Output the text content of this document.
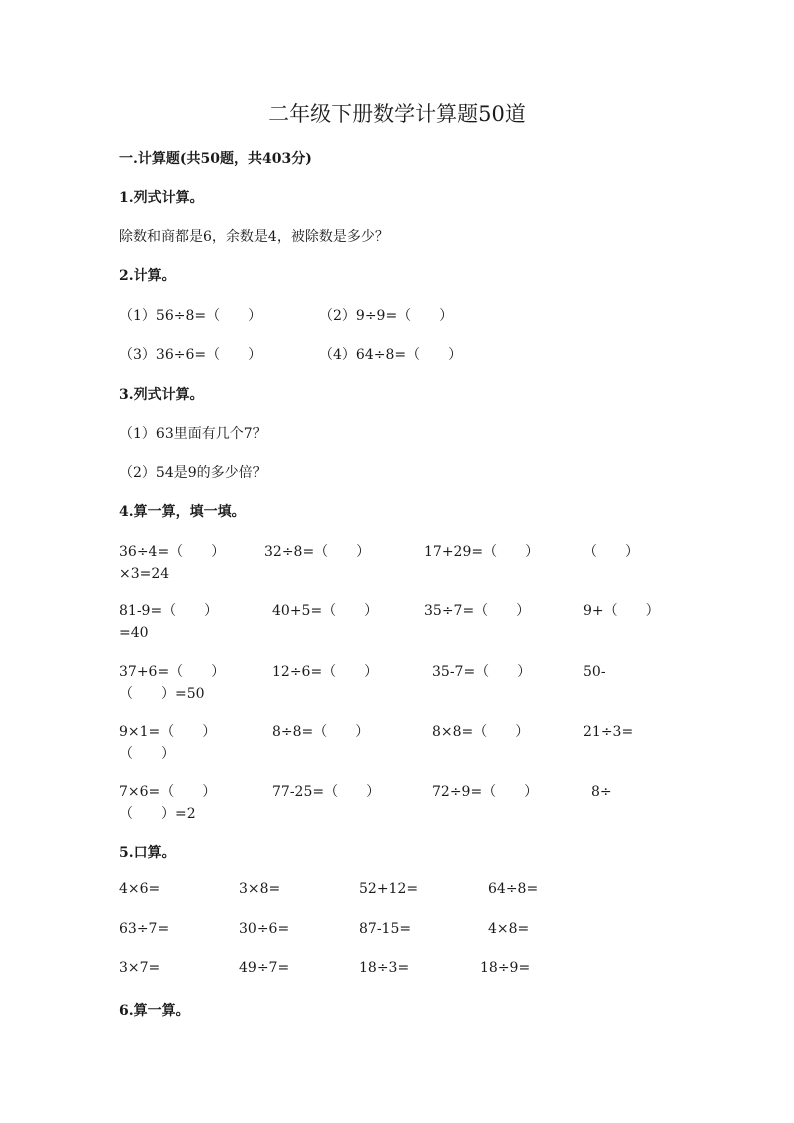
二年级下册数学计算题50道
一.计算题(共50题，共403分)
1.列式计算。
除数和商都是6，余数是4，被除数是多少？
2.计算。
（1）56÷8=（　　）	（2）9÷9=（　　）
（3）36÷6=（　　）	（4）64÷8=（　　）
3.列式计算。
（1）63里面有几个7？
（2）54是9的多少倍？
4.算一算，填一填。
36÷4=（　　）	32÷8=（　　）	17+29=（　　）	（　　）×3=24
81-9=（　　）	40+5=（　　）	35÷7=（　　）	9+（　　）=40
37+6=（　　）	12÷6=（　　）	35-7=（　　）	50-（　　）=50
9×1=（　　）	8÷8=（　　）	8×8=（　　）	21÷3=（　　）
7×6=（　　）	77-25=（　　）	72÷9=（　　）	8÷（　　）=2
5.口算。
4×6=	3×8=	52+12=	64÷8=
63÷7=	30÷6=	87-15=	4×8=
3×7=	49÷7=	18÷3=	18÷9=
6.算一算。
